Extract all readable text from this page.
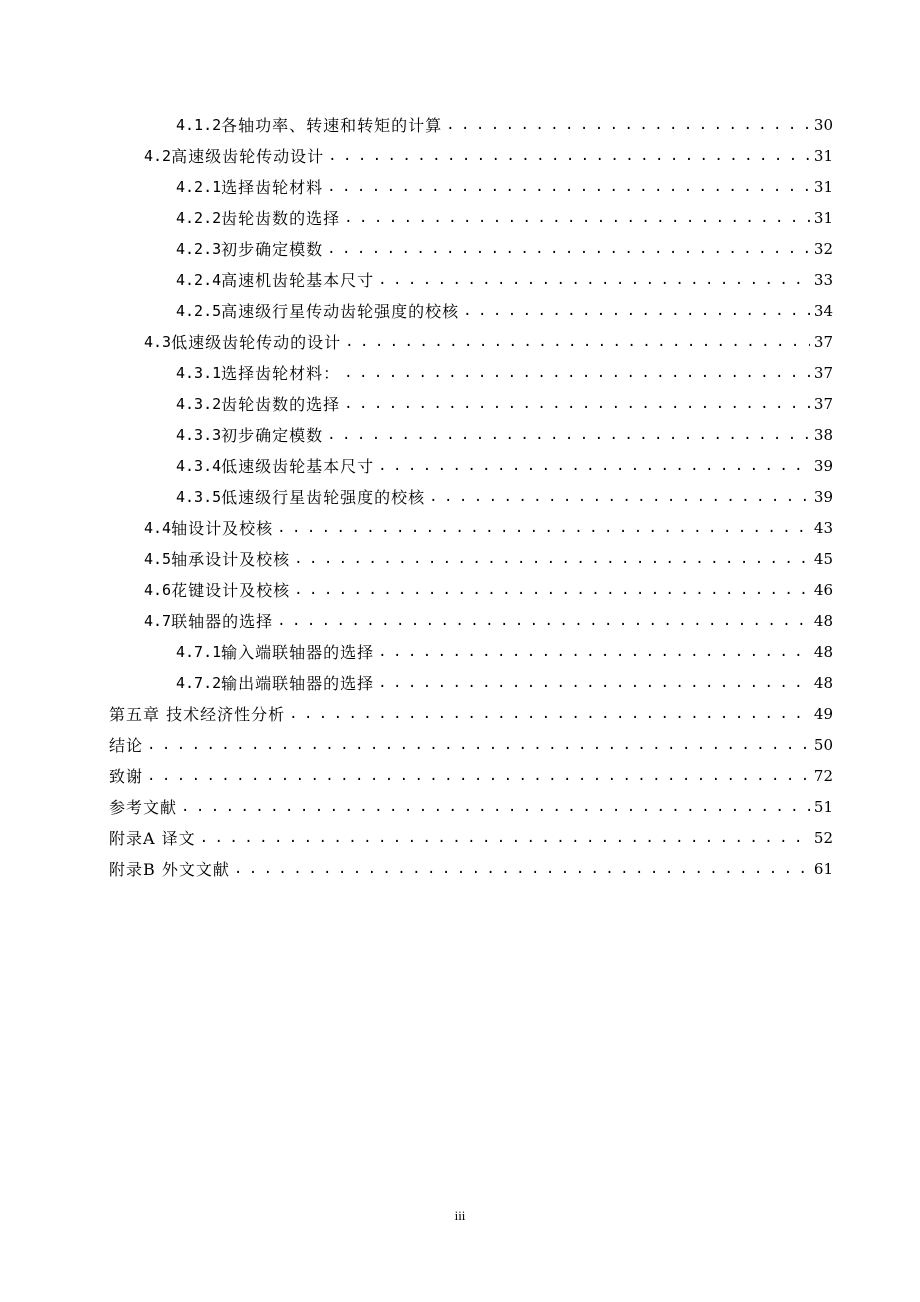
4.1.2 各轴功率、转速和转矩的计算 . . .	30
4.2 高速级齿轮传动设计 . . .	31
4.2.1 选择齿轮材料 . . .	31
4.2.2 齿轮齿数的选择 . . .	31
4.2.3 初步确定模数 . . .	32
4.2.4 高速机齿轮基本尺寸 . . .	33
4.2.5 高速级行星传动齿轮强度的校核 . . .	34
4.3 低速级齿轮传动的设计 . . .	37
4.3.1 选择齿轮材料： . . .	37
4.3.2 齿轮齿数的选择 . . .	37
4.3.3 初步确定模数 . . .	38
4.3.4 低速级齿轮基本尺寸 . . .	39
4.3.5 低速级行星齿轮强度的校核 . . .	39
4.4 轴设计及校核 . . .	43
4.5 轴承设计及校核 . . .	45
4.6 花键设计及校核 . . .	46
4.7 联轴器的选择 . . .	48
4.7.1 输入端联轴器的选择 . . .	48
4.7.2 输出端联轴器的选择 . . .	48
第五章 技术经济性分析 . . .	49
结论 . . .	50
致谢 . . .	72
参考文献 . . .	51
附录A 译文 . . .	52
附录B 外文文献 . . .	61
iii
